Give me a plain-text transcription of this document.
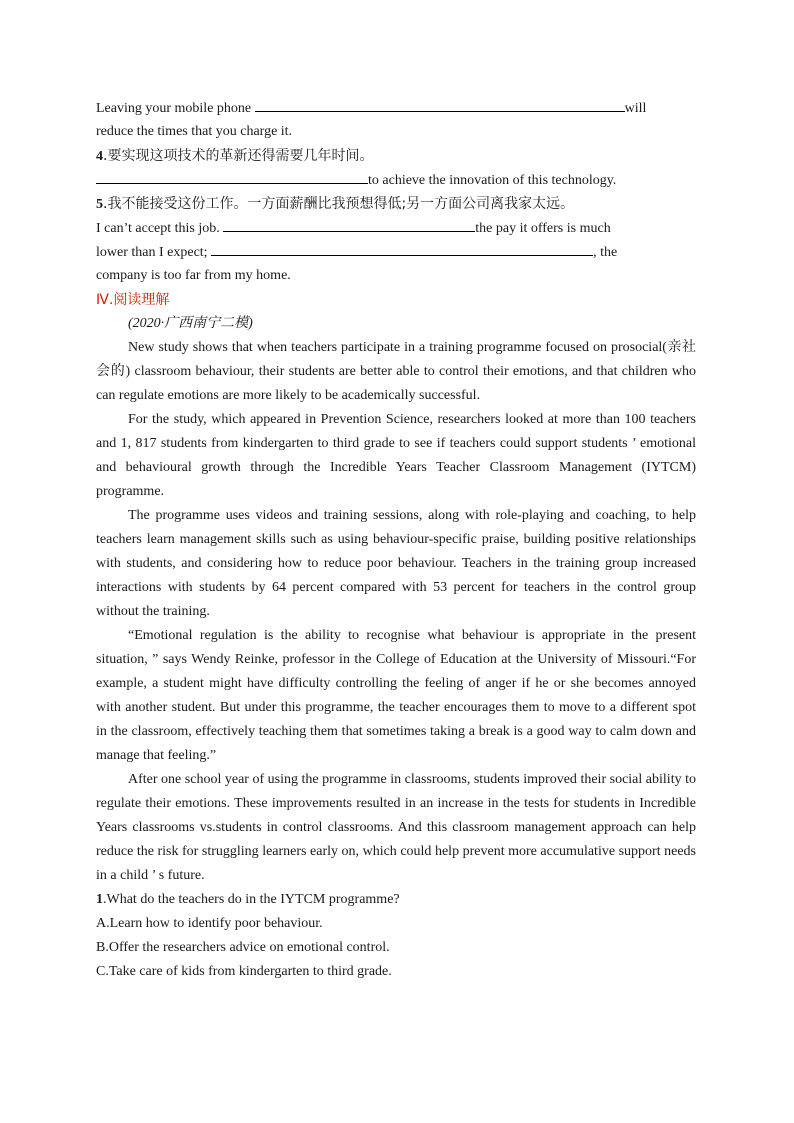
Leaving your mobile phone	will
reduce the times that you charge it.
4.要实现这项技术的革新还得需要几年时间。
to achieve the innovation of this technology.
5.我不能接受这份工作。一方面薪酬比我预想得低;另一方面公司离我家太远。
I can’t accept this job.	the pay it offers is much
lower than I expect;	, the
company is too far from my home.
Ⅳ.阅读理解
(2020·广西南宁二模)

New study shows that when teachers participate in a training programme focused on prosocial(亲社会的) classroom behaviour, their students are better able to control their emotions, and that children who can regulate emotions are more likely to be academically successful.

For the study, which appeared in Prevention Science, researchers looked at more than 100 teachers and 1, 817 students from kindergarten to third grade to see if teachers could support students ’ emotional and behavioural growth through the Incredible Years Teacher Classroom Management (IYTCM) programme.

The programme uses videos and training sessions, along with role-playing and coaching, to help teachers learn management skills such as using behaviour-specific praise, building positive relationships with students, and considering how to reduce poor behaviour. Teachers in the training group increased interactions with students by 64 percent compared with 53 percent for teachers in the control group without the training.

“Emotional regulation is the ability to recognise what behaviour is appropriate in the present situation, ” says Wendy Reinke, professor in the College of Education at the University of Missouri.“For example, a student might have difficulty controlling the feeling of anger if he or she becomes annoyed with another student. But under this programme, the teacher encourages them to move to a different spot in the classroom, effectively teaching them that sometimes taking a break is a good way to calm down and manage that feeling.”

After one school year of using the programme in classrooms, students improved their social ability to regulate their emotions. These improvements resulted in an increase in the tests for students in Incredible Years classrooms vs.students in control classrooms. And this classroom management approach can help reduce the risk for struggling learners early on, which could help prevent more accumulative support needs in a child ’ s future.

1.What do the teachers do in the IYTCM programme?
A.Learn how to identify poor behaviour.
B.Offer the researchers advice on emotional control.
C.Take care of kids from kindergarten to third grade.
